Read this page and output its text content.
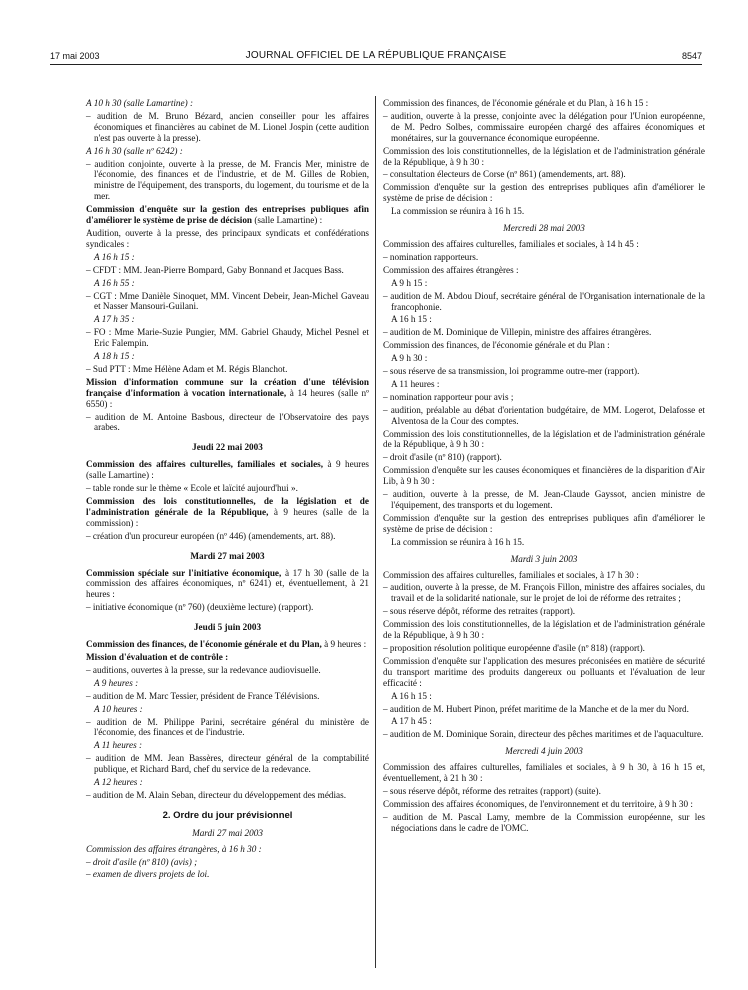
17 mai 2003	JOURNAL OFFICIEL DE LA RÉPUBLIQUE FRANÇAISE	8547

A 10 h 30 (salle Lamartine) :

– audition de M. Bruno Bézard, ancien conseiller pour les affaires économiques et financières au cabinet de M. Lionel Jospin (cette audition n'est pas ouverte à la presse).

A 16 h 30 (salle nº 6242) :

– audition conjointe, ouverte à la presse, de M. Francis Mer, ministre de l'économie, des finances et de l'industrie, et de M. Gilles de Robien, ministre de l'équipement, des transports, du logement, du tourisme et de la mer.

Commission d'enquête sur la gestion des entreprises publiques afin d'améliorer le système de prise de décision (salle Lamartine) :

Audition, ouverte à la presse, des principaux syndicats et confédérations syndicales :

A 16 h 15 :

– CFDT : MM. Jean-Pierre Bompard, Gaby Bonnand et Jacques Bass.

A 16 h 55 :

– CGT : Mme Danièle Sinoquet, MM. Vincent Debeir, Jean-Michel Gaveau et Nasser Mansouri-Guilani.

A 17 h 35 :

– FO : Mme Marie-Suzie Pungier, MM. Gabriel Ghaudy, Michel Pesnel et Eric Falempin.

A 18 h 15 :

– Sud PTT : Mme Hélène Adam et M. Régis Blanchot.

Mission d'information commune sur la création d'une télévision française d'information à vocation internationale, à 14 heures (salle nº 6550) :

– audition de M. Antoine Basbous, directeur de l'Observatoire des pays arabes.

Jeudi 22 mai 2003

Commission des affaires culturelles, familiales et sociales, à 9 heures (salle Lamartine) :

– table ronde sur le thème « Ecole et laïcité aujourd'hui ».

Commission des lois constitutionnelles, de la législation et de l'administration générale de la République, à 9 heures (salle de la commission) :

– création d'un procureur européen (nº 446) (amendements, art. 88).

Mardi 27 mai 2003

Commission spéciale sur l'initiative économique, à 17 h 30 (salle de la commission des affaires économiques, nº 6241) et, éventuellement, à 21 heures :

– initiative économique (nº 760) (deuxième lecture) (rapport).

Jeudi 5 juin 2003

Commission des finances, de l'économie générale et du Plan, à 9 heures :

Mission d'évaluation et de contrôle :

– auditions, ouvertes à la presse, sur la redevance audiovisuelle.

A 9 heures :

– audition de M. Marc Tessier, président de France Télévisions.

A 10 heures :

– audition de M. Philippe Parini, secrétaire général du ministère de l'économie, des finances et de l'industrie.

A 11 heures :

– audition de MM. Jean Bassères, directeur général de la comptabilité publique, et Richard Bard, chef du service de la redevance.

A 12 heures :

– audition de M. Alain Seban, directeur du développement des médias.

2. Ordre du jour prévisionnel

Mardi 27 mai 2003

Commission des affaires étrangères, à 16 h 30 :

– droit d'asile (nº 810) (avis) ;

– examen de divers projets de loi.

Commission des finances, de l'économie générale et du Plan, à 16 h 15 :

– audition, ouverte à la presse, conjointe avec la délégation pour l'Union européenne, de M. Pedro Solbes, commissaire européen chargé des affaires économiques et monétaires, sur la gouvernance économique européenne.

Commission des lois constitutionnelles, de la législation et de l'administration générale de la République, à 9 h 30 :

– consultation électeurs de Corse (nº 861) (amendements, art. 88).

Commission d'enquête sur la gestion des entreprises publiques afin d'améliorer le système de prise de décision :

La commission se réunira à 16 h 15.

Mercredi 28 mai 2003

Commission des affaires culturelles, familiales et sociales, à 14 h 45 :

– nomination rapporteurs.

Commission des affaires étrangères :

A 9 h 15 :

– audition de M. Abdou Diouf, secrétaire général de l'Organisation internationale de la francophonie.

A 16 h 15 :

– audition de M. Dominique de Villepin, ministre des affaires étrangères.

Commission des finances, de l'économie générale et du Plan :

A 9 h 30 :

– sous réserve de sa transmission, loi programme outre-mer (rapport).

A 11 heures :

– nomination rapporteur pour avis ;

– audition, préalable au débat d'orientation budgétaire, de MM. Logerot, Delafosse et Alventosa de la Cour des comptes.

Commission des lois constitutionnelles, de la législation et de l'administration générale de la République, à 9 h 30 :

– droit d'asile (nº 810) (rapport).

Commission d'enquête sur les causes économiques et financières de la disparition d'Air Lib, à 9 h 30 :

– audition, ouverte à la presse, de M. Jean-Claude Gayssot, ancien ministre de l'équipement, des transports et du logement.

Commission d'enquête sur la gestion des entreprises publiques afin d'améliorer le système de prise de décision :

La commission se réunira à 16 h 15.

Mardi 3 juin 2003

Commission des affaires culturelles, familiales et sociales, à 17 h 30 :

– audition, ouverte à la presse, de M. François Fillon, ministre des affaires sociales, du travail et de la solidarité nationale, sur le projet de loi de réforme des retraites ;

– sous réserve dépôt, réforme des retraites (rapport).

Commission des lois constitutionnelles, de la législation et de l'administration générale de la République, à 9 h 30 :

– proposition résolution politique européenne d'asile (nº 818) (rapport).

Commission d'enquête sur l'application des mesures préconisées en matière de sécurité du transport maritime des produits dangereux ou polluants et l'évaluation de leur efficacité :

A 16 h 15 :

– audition de M. Hubert Pinon, préfet maritime de la Manche et de la mer du Nord.

A 17 h 45 :

– audition de M. Dominique Sorain, directeur des pêches maritimes et de l'aquaculture.

Mercredi 4 juin 2003

Commission des affaires culturelles, familiales et sociales, à 9 h 30, à 16 h 15 et, éventuellement, à 21 h 30 :

– sous réserve dépôt, réforme des retraites (rapport) (suite).

Commission des affaires économiques, de l'environnement et du territoire, à 9 h 30 :

– audition de M. Pascal Lamy, membre de la Commission européenne, sur les négociations dans le cadre de l'OMC.
